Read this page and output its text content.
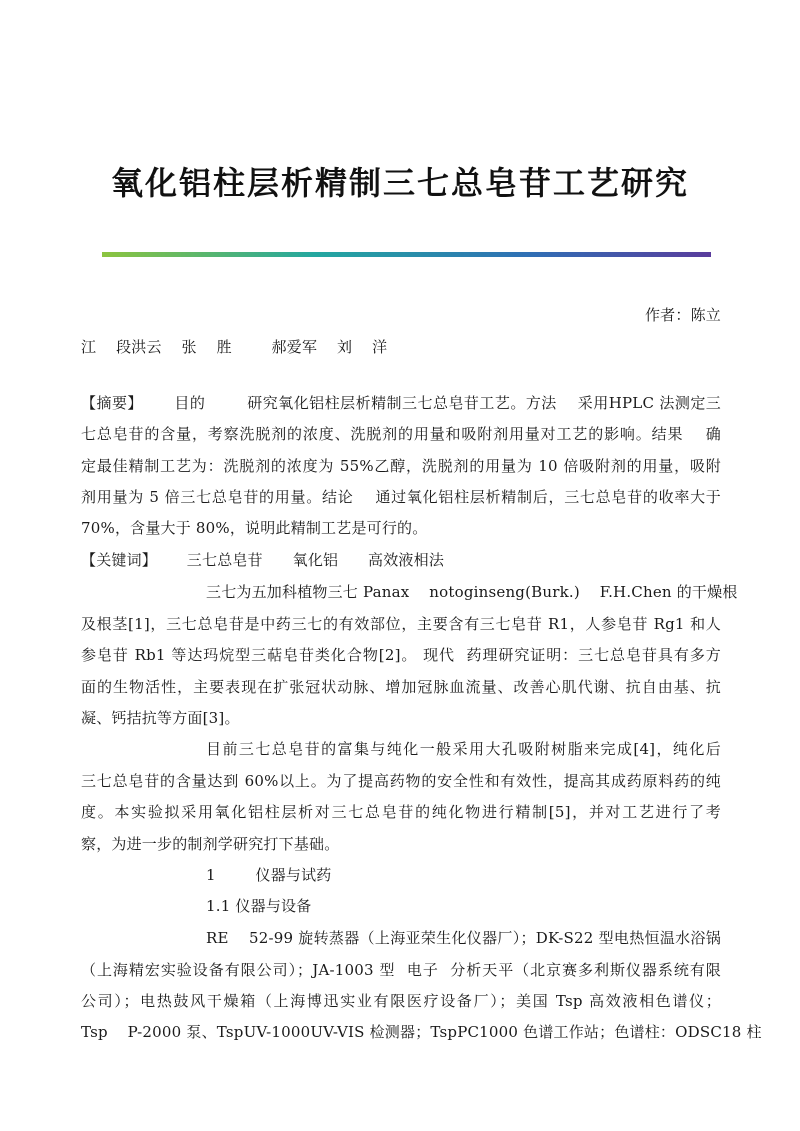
氧化铝柱层析精制三七总皂苷工艺研究
作者：陈立
江    段洪云    张    胜        郝爱军    刘    洋
【摘要】      目的        研究氧化铝柱层析精制三七总皂苷工艺。方法    采用HPLC 法测定三
七总皂苷的含量，考察洗脱剂的浓度、洗脱剂的用量和吸附剂用量对工艺的影响。结果    确
定最佳精制工艺为：洗脱剂的浓度为 55%乙醇，洗脱剂的用量为 10 倍吸附剂的用量，吸附
剂用量为 5 倍三七总皂苷的用量。结论    通过氧化铝柱层析精制后，三七总皂苷的收率大于
70%，含量大于 80%，说明此精制工艺是可行的。
【关键词】      三七总皂苷      氧化铝      高效液相法
三七为五加科植物三七 Panax    notoginseng(Burk.)    F.H.Chen 的干燥根
及根茎[1]，三七总皂苷是中药三七的有效部位，主要含有三七皂苷 R1，人参皂苷 Rg1 和人
参皂苷 Rb1 等达玛烷型三萜皂苷类化合物[2]。 现代  药理研究证明：三七总皂苷具有多方
面的生物活性，主要表现在扩张冠状动脉、增加冠脉血流量、改善心肌代谢、抗自由基、抗
凝、钙拮抗等方面[3]。
目前三七总皂苷的富集与纯化一般采用大孔吸附树脂来完成[4]，纯化后
三七总皂苷的含量达到 60%以上。为了提高药物的安全性和有效性，提高其成药原料药的纯
度。本实验拟采用氧化铝柱层析对三七总皂苷的纯化物进行精制[5]，并对工艺进行了考
察，为进一步的制剂学研究打下基础。
1        仪器与试药
1.1 仪器与设备
RE    52-99 旋转蒸器（上海亚荣生化仪器厂）；DK-S22 型电热恒温水浴锅
（上海精宏实验设备有限公司）；JA-1003 型  电子  分析天平（北京赛多利斯仪器系统有限
公司）；电热鼓风干燥箱（上海博迅实业有限医疗设备厂）；美国 Tsp 高效液相色谱仪；
Tsp    P-2000 泵、TspUV-1000UV-VIS 检测器；TspPC1000 色谱工作站；色谱柱：ODSC18 柱
